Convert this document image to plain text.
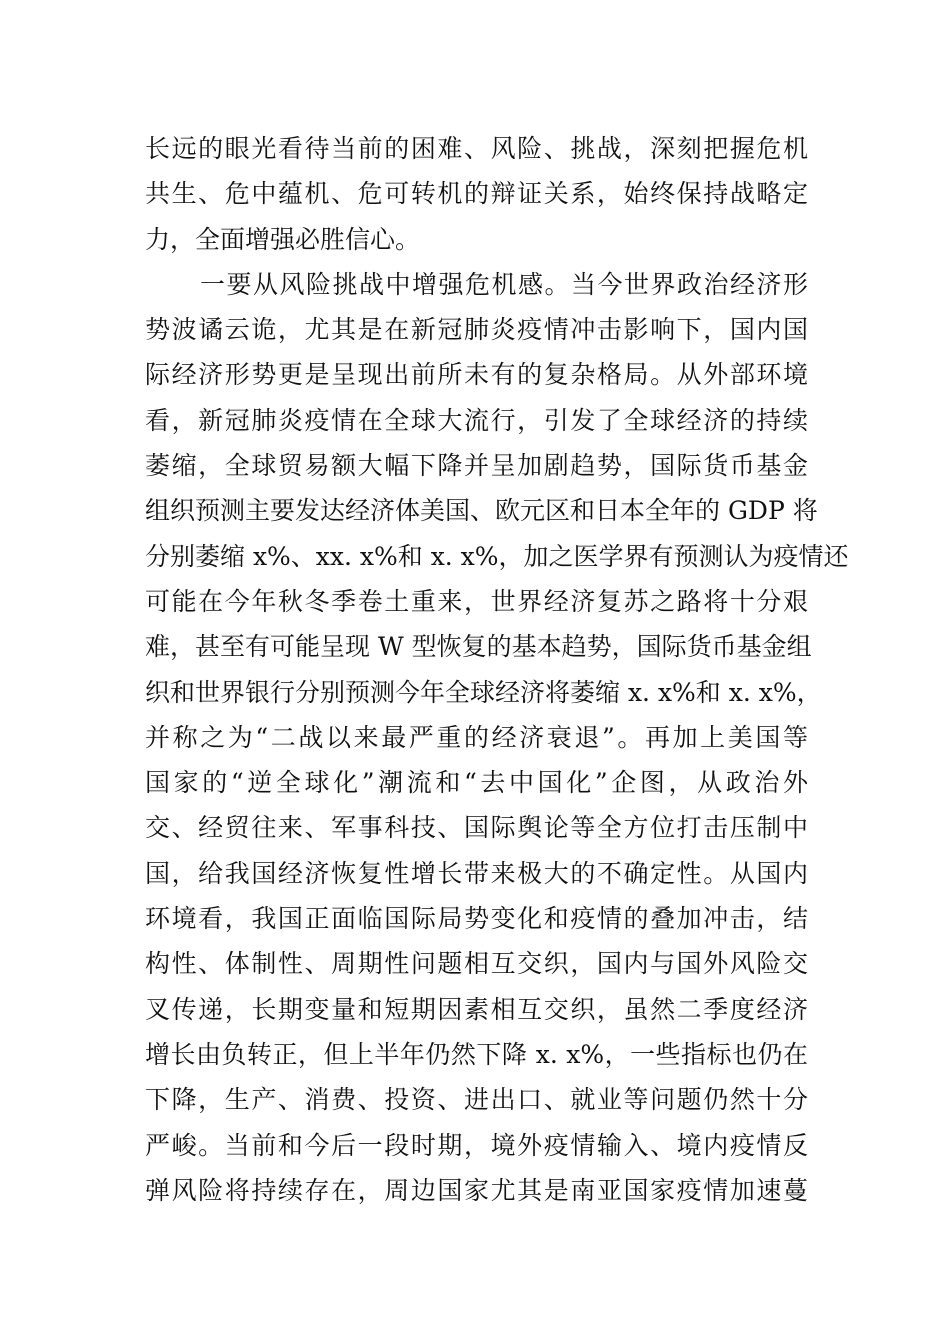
长远的眼光看待当前的困难、风险、挑战，深刻把握危机
共生、危中蕴机、危可转机的辩证关系，始终保持战略定
力，全面增强必胜信心。
一要从风险挑战中增强危机感。当今世界政治经济形
势波谲云诡，尤其是在新冠肺炎疫情冲击影响下，国内国
际经济形势更是呈现出前所未有的复杂格局。从外部环境
看，新冠肺炎疫情在全球大流行，引发了全球经济的持续
萎缩，全球贸易额大幅下降并呈加剧趋势，国际货币基金
组织预测主要发达经济体美国、欧元区和日本全年的 GDP 将
分别萎缩 x%、xx. x%和 x. x%，加之医学界有预测认为疫情还
可能在今年秋冬季卷土重来，世界经济复苏之路将十分艰
难，甚至有可能呈现 W 型恢复的基本趋势，国际货币基金组
织和世界银行分别预测今年全球经济将萎缩 x. x%和 x. x%，
并称之为“二战以来最严重的经济衰退”。再加上美国等
国家的“逆全球化”潮流和“去中国化”企图，从政治外
交、经贸往来、军事科技、国际舆论等全方位打击压制中
国，给我国经济恢复性增长带来极大的不确定性。从国内
环境看，我国正面临国际局势变化和疫情的叠加冲击，结
构性、体制性、周期性问题相互交织，国内与国外风险交
叉传递，长期变量和短期因素相互交织，虽然二季度经济
增长由负转正，但上半年仍然下降 x. x%，一些指标也仍在
下降，生产、消费、投资、进出口、就业等问题仍然十分
严峻。当前和今后一段时期，境外疫情输入、境内疫情反
弹风险将持续存在，周边国家尤其是南亚国家疫情加速蔓
